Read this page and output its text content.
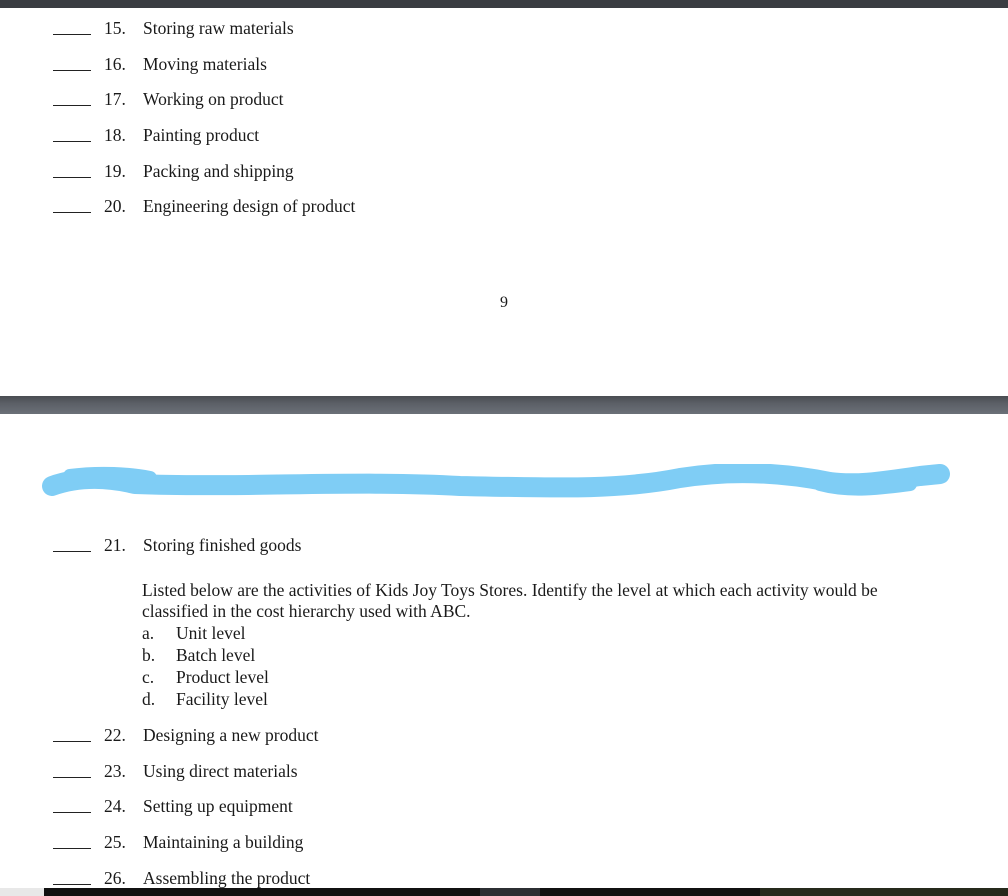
15. Storing raw materials
16. Moving materials
17. Working on product
18. Painting product
19. Packing and shipping
20. Engineering design of product
9
21. Storing finished goods
Listed below are the activities of Kids Joy Toys Stores. Identify the level at which each activity would be classified in the cost hierarchy used with ABC.
a.	Unit level
b.	Batch level
c.	Product level
d.	Facility level
22. Designing a new product
23. Using direct materials
24. Setting up equipment
25. Maintaining a building
26. Assembling the product
